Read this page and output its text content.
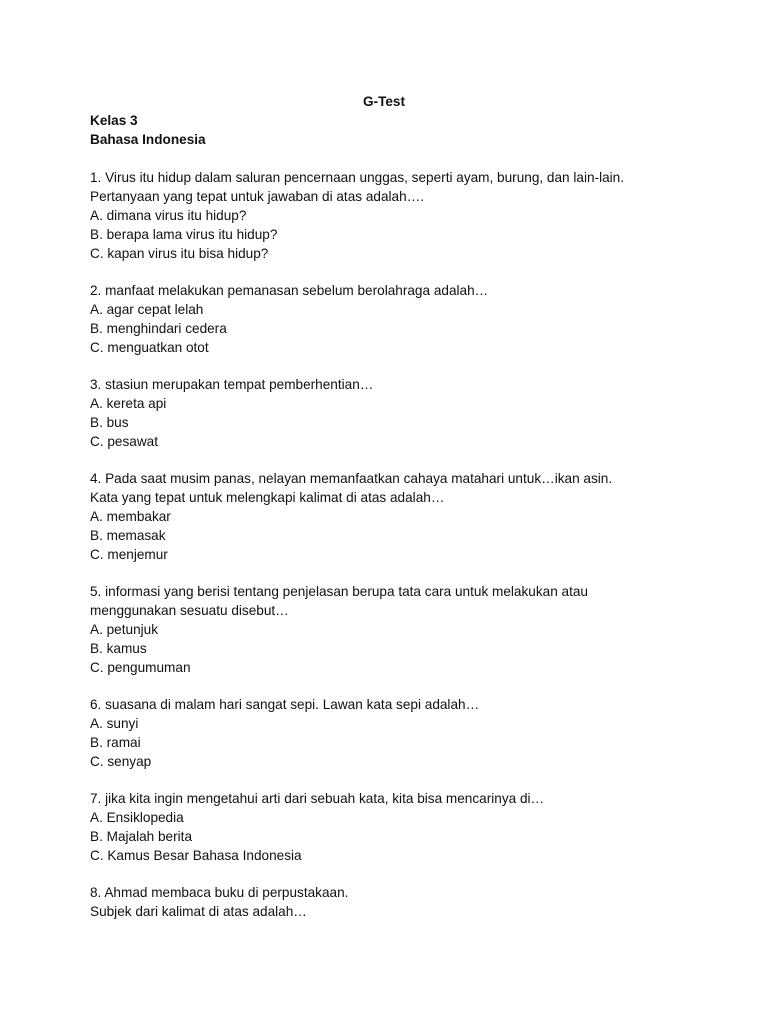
G-Test
Kelas 3
Bahasa Indonesia
1. Virus itu hidup dalam saluran pencernaan unggas, seperti ayam, burung, dan lain-lain.
Pertanyaan yang tepat untuk jawaban di atas adalah….
A. dimana virus itu hidup?
B. berapa lama virus itu hidup?
C. kapan virus itu bisa hidup?
2. manfaat melakukan pemanasan sebelum berolahraga adalah…
A. agar cepat lelah
B. menghindari cedera
C. menguatkan otot
3. stasiun merupakan tempat pemberhentian…
A. kereta api
B. bus
C. pesawat
4. Pada saat musim panas, nelayan memanfaatkan cahaya matahari untuk…ikan asin.
Kata yang tepat untuk melengkapi kalimat di atas adalah…
A. membakar
B. memasak
C. menjemur
5. informasi yang berisi tentang penjelasan berupa tata cara untuk melakukan atau
menggunakan sesuatu disebut…
A. petunjuk
B. kamus
C. pengumuman
6. suasana di malam hari sangat sepi. Lawan kata sepi adalah…
A. sunyi
B. ramai
C. senyap
7. jika kita ingin mengetahui arti dari sebuah kata, kita bisa mencarinya di…
A. Ensiklopedia
B. Majalah berita
C. Kamus Besar Bahasa Indonesia
8. Ahmad membaca buku di perpustakaan.
Subjek dari kalimat di atas adalah…
